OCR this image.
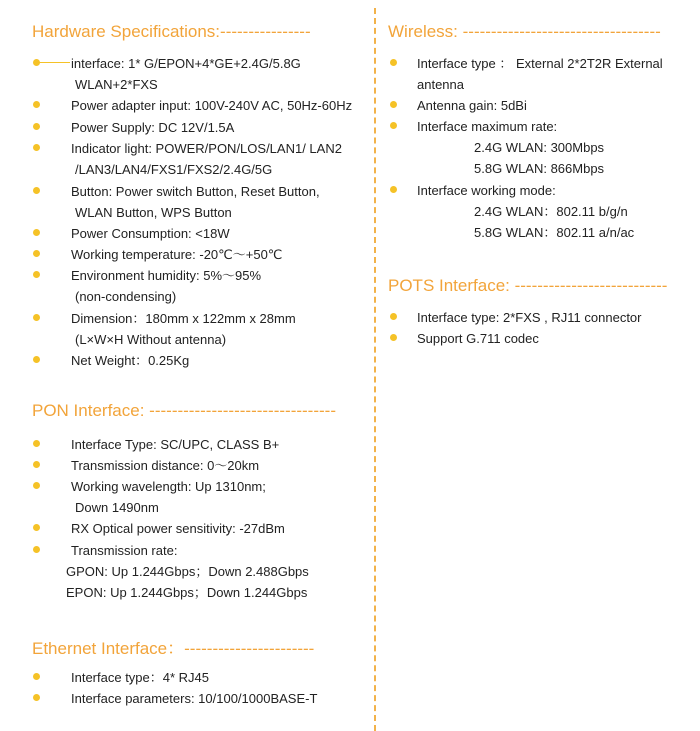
Hardware Specifications:----------------
interface: 1* G/EPON+4*GE+2.4G/5.8G
WLAN+2*FXS
Power adapter input: 100V-240V AC, 50Hz-60Hz
Power Supply: DC 12V/1.5A
Indicator light: POWER/PON/LOS/LAN1/ LAN2
/LAN3/LAN4/FXS1/FXS2/2.4G/5G
Button: Power switch Button, Reset Button,
WLAN Button, WPS Button
Power Consumption: <18W
Working temperature: -20℃～+50℃
Environment humidity: 5%～95%
(non-condensing)
Dimension：180mm x 122mm x 28mm
(L×W×H Without antenna)
Net Weight：0.25Kg
PON Interface: ---------------------------------
Interface Type: SC/UPC, CLASS B+
Transmission distance: 0～20km
Working wavelength: Up 1310nm;
Down 1490nm
RX Optical power sensitivity: -27dBm
Transmission rate:
GPON: Up 1.244Gbps；Down 2.488Gbps
EPON: Up 1.244Gbps；Down 1.244Gbps
Ethernet Interface：-----------------------
Interface type：4* RJ45
Interface parameters: 10/100/1000BASE-T
Wireless: -----------------------------------
Interface type ： External 2*2T2R External
antenna
Antenna gain: 5dBi
Interface maximum rate:
2.4G WLAN: 300Mbps
5.8G WLAN: 866Mbps
Interface working mode:
2.4G WLAN：802.11 b/g/n
5.8G WLAN：802.11 a/n/ac
POTS Interface: ---------------------------
Interface type: 2*FXS , RJ11 connector
Support G.711 codec
